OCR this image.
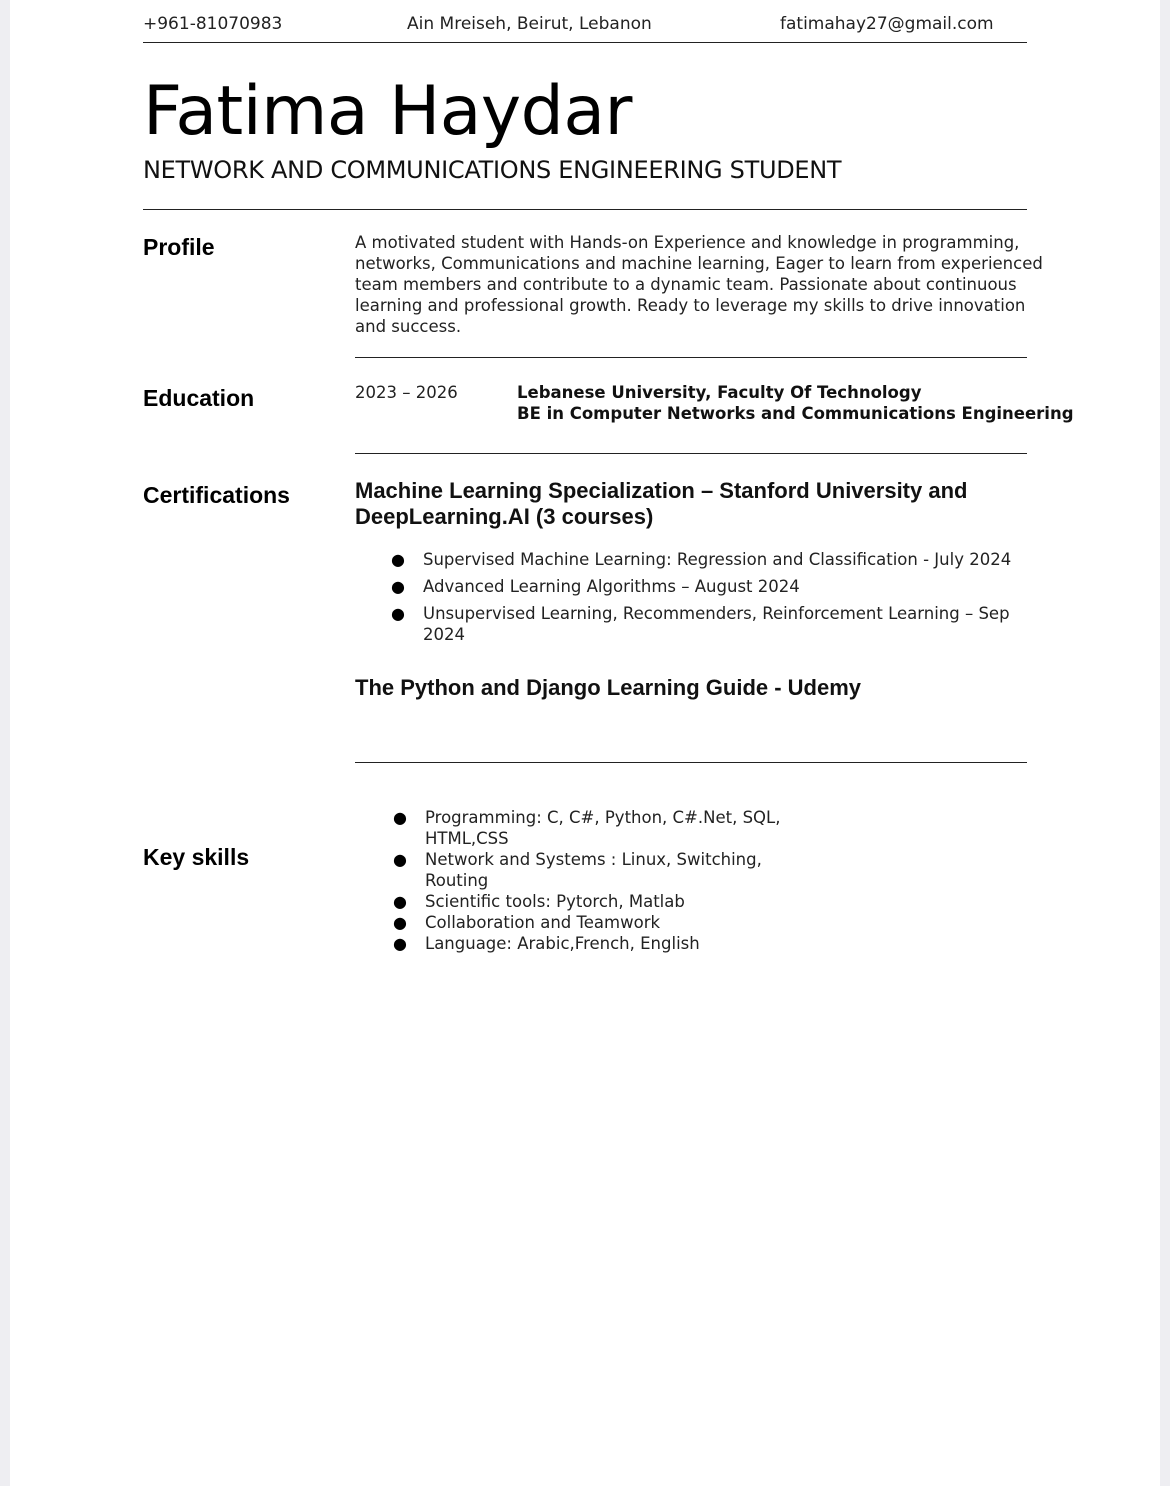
+961-81070983	Ain Mreiseh, Beirut, Lebanon	fatimahay27@gmail.com
Fatima Haydar
NETWORK AND COMMUNICATIONS ENGINEERING STUDENT
Profile	A motivated student with Hands-on Experience and knowledge in programming, networks, Communications and machine learning, Eager to learn from experienced team members and contribute to a dynamic team. Passionate about continuous learning and professional growth. Ready to leverage my skills to drive innovation and success.
Education	2023 – 2026	Lebanese University, Faculty Of Technology
BE in Computer Networks and Communications Engineering
Certifications	Machine Learning Specialization – Stanford University and DeepLearning.AI (3 courses)
● Supervised Machine Learning: Regression and Classification - July 2024
● Advanced Learning Algorithms – August 2024
● Unsupervised Learning, Recommenders, Reinforcement Learning – Sep 2024
The Python and Django Learning Guide - Udemy
Key skills
● Programming: C, C#, Python, C#.Net, SQL, HTML,CSS
● Network and Systems : Linux, Switching, Routing
● Scientific tools: Pytorch, Matlab
● Collaboration and Teamwork
● Language: Arabic,French, English
